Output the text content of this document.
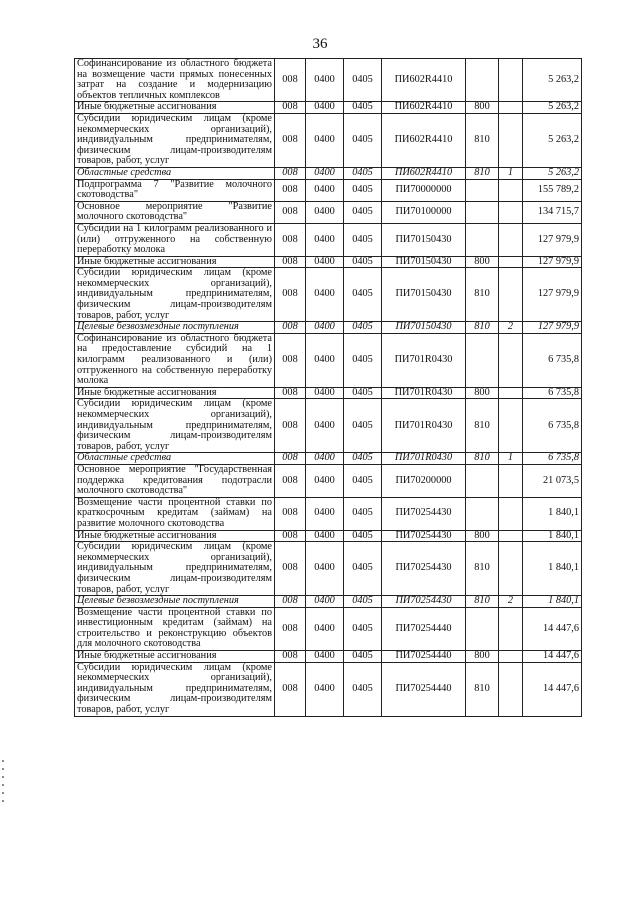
36
Софинансирование из областного бюджета на возмещение части прямых понесенных затрат на создание и модернизацию объектов тепличных комплексов	008	0400	0405	ПИ602R4410			5 263,2
Иные бюджетные ассигнования	008	0400	0405	ПИ602R4410	800		5 263,2
Субсидии юридическим лицам (кроме некоммерческих организаций), индивидуальным предпринимателям, физическим лицам-производителям товаров, работ, услуг	008	0400	0405	ПИ602R4410	810		5 263,2
Областные средства	008	0400	0405	ПИ602R4410	810	1	5 263,2
Подпрограмма 7 "Развитие молочного скотоводства"	008	0400	0405	ПИ70000000			155 789,2
Основное мероприятие "Развитие молочного скотоводства"	008	0400	0405	ПИ70100000			134 715,7
Субсидии на 1 килограмм реализованного и (или) отгруженного на собственную переработку молока	008	0400	0405	ПИ70150430			127 979,9
Иные бюджетные ассигнования	008	0400	0405	ПИ70150430	800		127 979,9
Субсидии юридическим лицам (кроме некоммерческих организаций), индивидуальным предпринимателям, физическим лицам-производителям товаров, работ, услуг	008	0400	0405	ПИ70150430	810		127 979,9
Целевые безвозмездные поступления	008	0400	0405	ПИ70150430	810	2	127 979,9
Софинансирование из областного бюджета на предоставление субсидий на 1 килограмм реализованного и (или) отгруженного на собственную переработку молока	008	0400	0405	ПИ701R0430			6 735,8
Иные бюджетные ассигнования	008	0400	0405	ПИ701R0430	800		6 735,8
Субсидии юридическим лицам (кроме некоммерческих организаций), индивидуальным предпринимателям, физическим лицам-производителям товаров, работ, услуг	008	0400	0405	ПИ701R0430	810		6 735,8
Областные средства	008	0400	0405	ПИ701R0430	810	1	6 735,8
Основное мероприятие "Государственная поддержка кредитования подотрасли молочного скотоводства"	008	0400	0405	ПИ70200000			21 073,5
Возмещение части процентной ставки по краткосрочным кредитам (займам) на развитие молочного скотоводства	008	0400	0405	ПИ70254430			1 840,1
Иные бюджетные ассигнования	008	0400	0405	ПИ70254430	800		1 840,1
Субсидии юридическим лицам (кроме некоммерческих организаций), индивидуальным предпринимателям, физическим лицам-производителям товаров, работ, услуг	008	0400	0405	ПИ70254430	810		1 840,1
Целевые безвозмездные поступления	008	0400	0405	ПИ70254430	810	2	1 840,1
Возмещение части процентной ставки по инвестиционным кредитам (займам) на строительство и реконструкцию объектов для молочного скотоводства	008	0400	0405	ПИ70254440			14 447,6
Иные бюджетные ассигнования	008	0400	0405	ПИ70254440	800		14 447,6
Субсидии юридическим лицам (кроме некоммерческих организаций), индивидуальным предпринимателям, физическим лицам-производителям товаров, работ, услуг	008	0400	0405	ПИ70254440	810		14 447,6
